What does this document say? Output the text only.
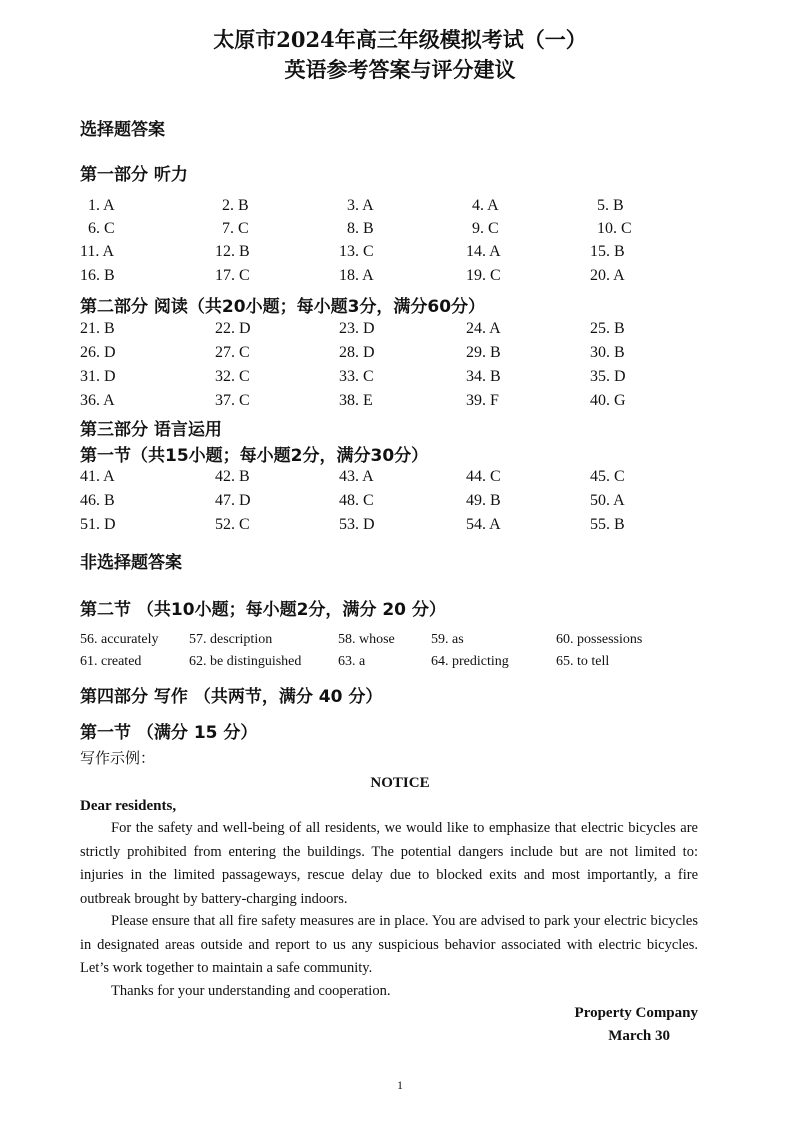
太原市2024年高三年级模拟考试（一）
英语参考答案与评分建议
选择题答案
第一部分 听力
1. A	2. B	3. A	4. A	5. B
6. C	7. C	8. B	9. C	10. C
11. A	12. B	13. C	14. A	15. B
16. B	17. C	18. A	19. C	20. A
第二部分 阅读（共20小题；每小题3分，满分60分）
21. B	22. D	23. D	24. A	25. B
26. D	27. C	28. D	29. B	30. B
31. D	32. C	33. C	34. B	35. D
36. A	37. C	38. E	39. F	40. G
第三部分 语言运用
第一节（共15小题；每小题2分，满分30分）
41. A	42. B	43. A	44. C	45. C
46. B	47. D	48. C	49. B	50. A
51. D	52. C	53. D	54. A	55. B
非选择题答案
第二节 （共10小题；每小题2分，满分 20 分）
56. accurately 57. description	58. whose	59. as	60. possessions
61. created	62. be distinguished	63. a	64. predicting	65. to tell
第四部分 写作 （共两节，满分 40 分）
第一节 （满分 15 分）
写作示例：
NOTICE
Dear residents,

For the safety and well-being of all residents, we would like to emphasize that electric bicycles are strictly prohibited from entering the buildings. The potential dangers include but are not limited to: injuries in the limited passageways, rescue delay due to blocked exits and most importantly, a fire outbreak brought by battery-charging indoors.

Please ensure that all fire safety measures are in place. You are advised to park your electric bicycles in designated areas outside and report to us any suspicious behavior associated with electric bicycles. Let’s work together to maintain a safe community.

Thanks for your understanding and cooperation.

Property Company
March 30
1
